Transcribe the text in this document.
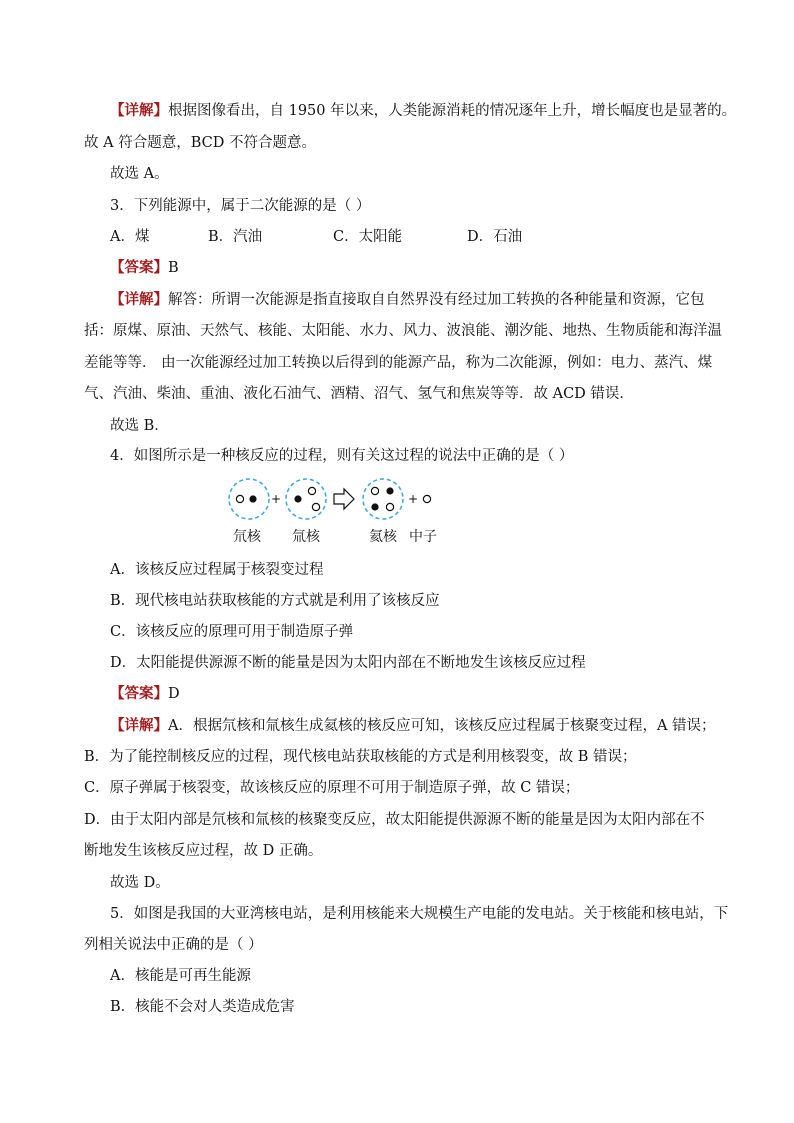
【详解】根据图像看出，自 1950 年以来，人类能源消耗的情况逐年上升，增长幅度也是显著的。
故 A 符合题意，BCD 不符合题意。
故选 A。
3．下列能源中，属于二次能源的是（ ）
A．煤	B．汽油	C．太阳能	D．石油
【答案】B
【详解】解答：所谓一次能源是指直接取自自然界没有经过加工转换的各种能量和资源，它包
括：原煤、原油、天然气、核能、太阳能、水力、风力、波浪能、潮汐能、地热、生物质能和海洋温
差能等等． 由一次能源经过加工转换以后得到的能源产品，称为二次能源，例如：电力、蒸汽、煤
气、汽油、柴油、重油、液化石油气、酒精、沼气、氢气和焦炭等等．故 ACD 错误．
故选 B．
4．如图所示是一种核反应的过程，则有关这过程的说法中正确的是（ ）
+	+
氘核 氚核	氦核 中子
A．该核反应过程属于核裂变过程
B．现代核电站获取核能的方式就是利用了该核反应
C．该核反应的原理可用于制造原子弹
D．太阳能提供源源不断的能量是因为太阳内部在不断地发生该核反应过程
【答案】D
【详解】A．根据氘核和氚核生成氦核的核反应可知，该核反应过程属于核聚变过程，A 错误；
B．为了能控制核反应的过程，现代核电站获取核能的方式是利用核裂变，故 B 错误；
C．原子弹属于核裂变，故该核反应的原理不可用于制造原子弹，故 C 错误；
D．由于太阳内部是氘核和氚核的核聚变反应，故太阳能提供源源不断的能量是因为太阳内部在不
断地发生该核反应过程，故 D 正确。
故选 D。
5．如图是我国的大亚湾核电站，是利用核能来大规模生产电能的发电站。关于核能和核电站，下
列相关说法中正确的是（ ）
A．核能是可再生能源
B．核能不会对人类造成危害
